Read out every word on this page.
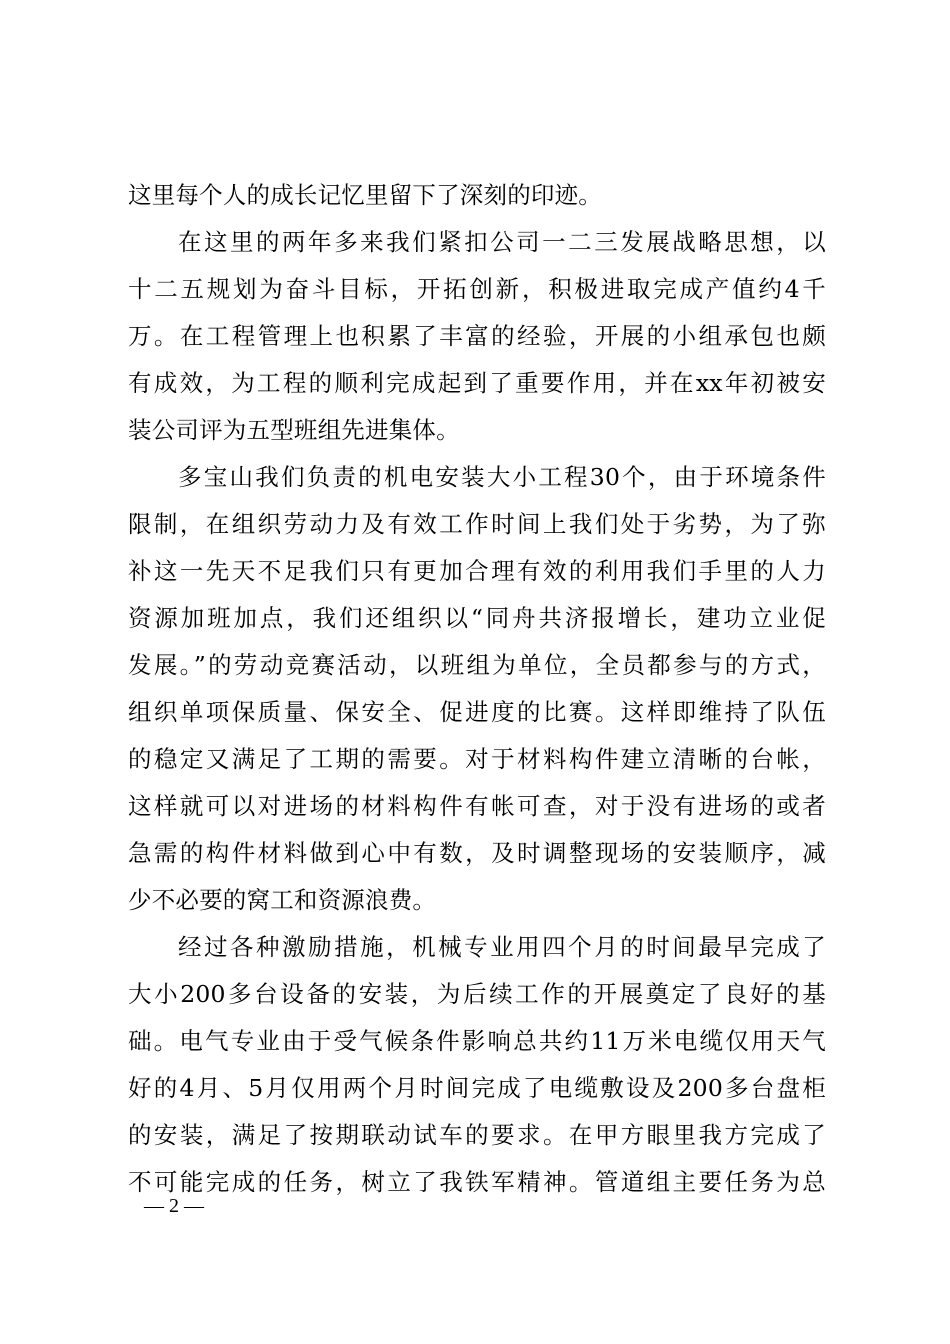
这里每个人的成长记忆里留下了深刻的印迹。
在这里的两年多来我们紧扣公司一二三发展战略思想，以
十二五规划为奋斗目标，开拓创新，积极进取完成产值约4千
万。在工程管理上也积累了丰富的经验，开展的小组承包也颇
有成效，为工程的顺利完成起到了重要作用，并在xx年初被安
装公司评为五型班组先进集体。
多宝山我们负责的机电安装大小工程30个，由于环境条件
限制，在组织劳动力及有效工作时间上我们处于劣势，为了弥
补这一先天不足我们只有更加合理有效的利用我们手里的人力
资源加班加点，我们还组织以“同舟共济报增长，建功立业促
发展。”的劳动竞赛活动，以班组为单位，全员都参与的方式，
组织单项保质量、保安全、促进度的比赛。这样即维持了队伍
的稳定又满足了工期的需要。对于材料构件建立清晰的台帐，
这样就可以对进场的材料构件有帐可查，对于没有进场的或者
急需的构件材料做到心中有数，及时调整现场的安装顺序，减
少不必要的窝工和资源浪费。
经过各种激励措施，机械专业用四个月的时间最早完成了
大小200多台设备的安装，为后续工作的开展奠定了良好的基
础。电气专业由于受气候条件影响总共约11万米电缆仅用天气
好的4月、5月仅用两个月时间完成了电缆敷设及200多台盘柜
的安装，满足了按期联动试车的要求。在甲方眼里我方完成了
不可能完成的任务，树立了我铁军精神。管道组主要任务为总
— 2 —
